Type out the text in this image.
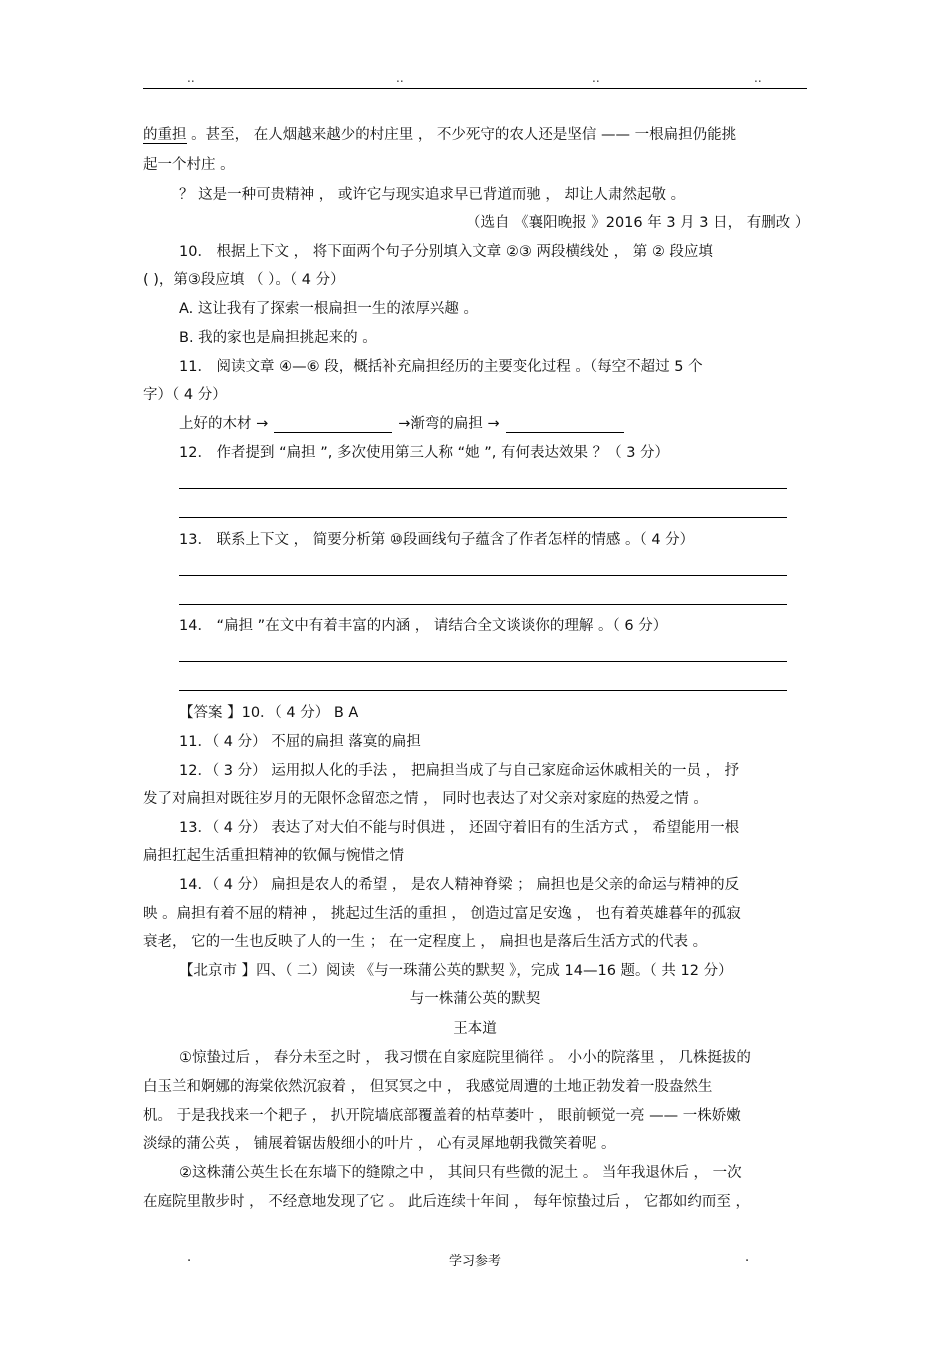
..	..	..	..
的重担 。甚至， 在人烟越来越少的村庄里 ， 不少死守的农人还是坚信 —— 一根扁担仍能挑
起一个村庄 。
？ 这是一种可贵精神 ， 或许它与现实追求早已背道而驰 ， 却让人肃然起敬 。
（选自 《襄阳晚报 》2016 年 3 月 3 日， 有删改 ）
10． 根据上下文 ， 将下面两个句子分别填入文章 ②③ 两段横线处 ， 第 ② 段应填
( )，第③段应填 （ ）。（ 4 分）
A. 这让我有了探索一根扁担一生的浓厚兴趣 。
B. 我的家也是扁担挑起来的 。
11． 阅读文章 ④—⑥ 段，概括补充扁担经历的主要变化过程 。（每空不超过 5 个
字）（ 4 分）
上好的木材 →	→渐弯的扁担 →
12． 作者提到 “扁担 ”, 多次使用第三人称 “她 ”, 有何表达效果 ？（ 3 分）
13． 联系上下文 ， 简要分析第 ⑩段画线句子蕴含了作者怎样的情感 。（ 4 分）
14． “扁担 ”在文中有着丰富的内涵 ， 请结合全文谈谈你的理解 。（ 6 分）
【答案 】10．（ 4 分） B A
11．（ 4 分） 不屈的扁担 落寞的扁担
12．（ 3 分） 运用拟人化的手法 ， 把扁担当成了与自己家庭命运休戚相关的一员 ， 抒
发了对扁担对既往岁月的无限怀念留恋之情 ， 同时也表达了对父亲对家庭的热爱之情 。
13．（ 4 分） 表达了对大伯不能与时俱进 ， 还固守着旧有的生活方式 ， 希望能用一根
扁担扛起生活重担精神的钦佩与惋惜之情
14．（ 4 分） 扁担是农人的希望 ， 是农人精神脊梁 ； 扁担也是父亲的命运与精神的反
映 。扁担有着不屈的精神 ， 挑起过生活的重担 ， 创造过富足安逸 ， 也有着英雄暮年的孤寂
衰老， 它的一生也反映了人的一生 ； 在一定程度上 ， 扁担也是落后生活方式的代表 。
【北京市 】四、（ 二）阅读 《与一珠蒲公英的默契 》，完成 14—16 题。（ 共 12 分）
与一株蒲公英的默契
王本道
①惊蛰过后 ， 春分未至之时 ， 我习惯在自家庭院里徜徉 。 小小的院落里 ， 几株挺拔的
白玉兰和婀娜的海棠依然沉寂着 ， 但冥冥之中 ， 我感觉周遭的土地正勃发着一股盎然生
机。 于是我找来一个耙子 ， 扒开院墙底部覆盖着的枯草萎叶 ， 眼前顿觉一亮 —— 一株娇嫩
淡绿的蒲公英 ， 铺展着锯齿般细小的叶片 ， 心有灵犀地朝我微笑着呢 。
②这株蒲公英生长在东墙下的缝隙之中 ， 其间只有些微的泥土 。 当年我退休后 ， 一次
在庭院里散步时 ， 不经意地发现了它 。 此后连续十年间 ， 每年惊蛰过后 ， 它都如约而至 ，
.	学习参考	.
